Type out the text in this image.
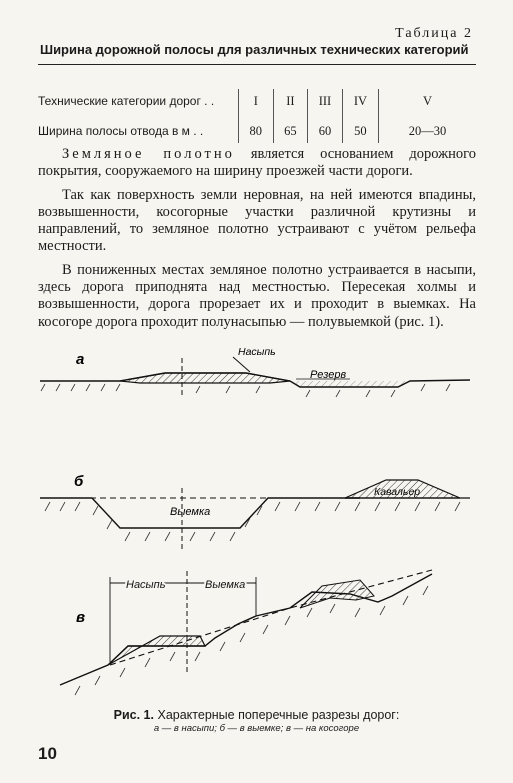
Таблица 2
Ширина дорожной полосы для различных технических категорий

Технические категории дорог . .	I	II	III	IV	V
Ширина полосы отвода в м . .	80	65	60	50	20—30

Земляное полотно является основанием дорожного покрытия, сооружаемого на ширину проезжей части дороги.

Так как поверхность земли неровная, на ней имеются впадины, возвышенности, косогорные участки различной крутизны и направлений, то земляное полотно устраивают с учётом рельефа местности.

В пониженных местах земляное полотно устраивается в насыпи, здесь дорога приподнята над местностью. Пересекая холмы и возвышенности, дорога прорезает их и проходит в выемках. На косогоре дорога проходит полунасыпью — полувыемкой (рис. 1).

а	Насыпь
Резерв
б
Выемка
Кавальер
в
Насыпь	Выемка
Рис. 1. Характерные поперечные разрезы дорог:
а — в насыпи; б — в выемке; в — на косогоре
10
